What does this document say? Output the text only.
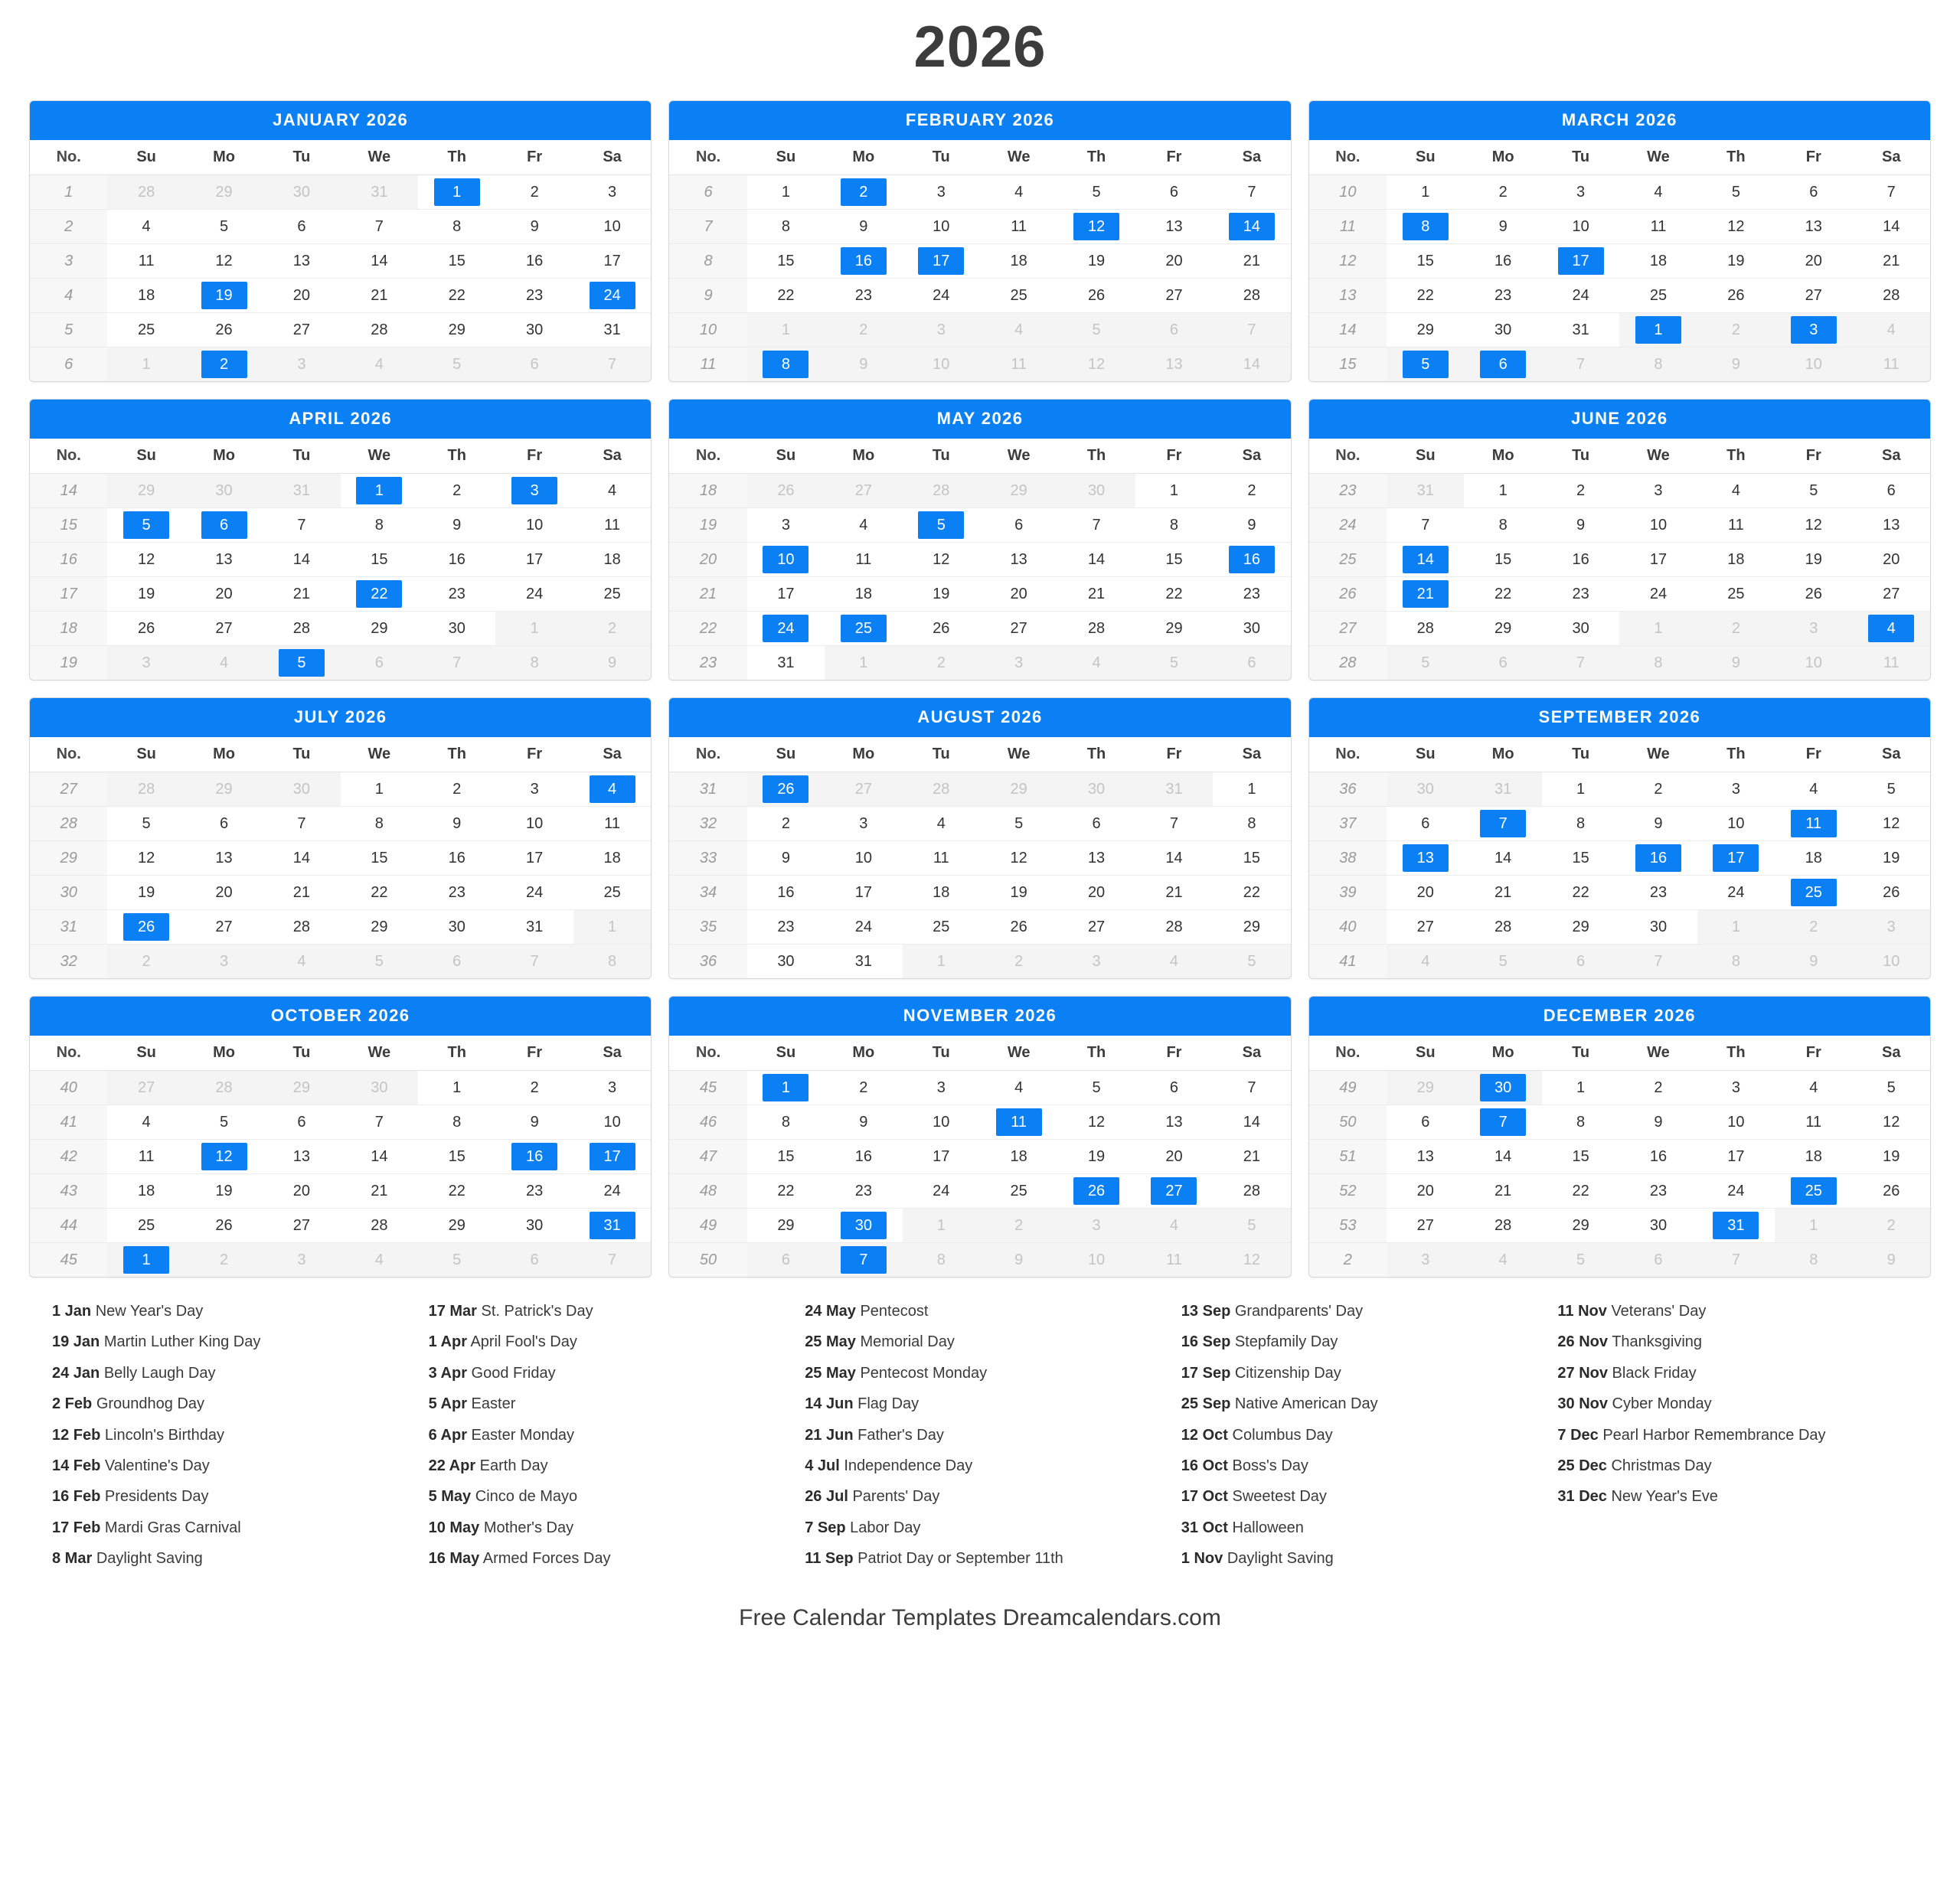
2026
JANUARY 2026
No.	Su	Mo	Tu	We	Th	Fr	Sa
1	28	29	30	31	1	2	3

2	4	5	6	7	8	9	10

3	11	12	13	14	15	16	17

4	18	19	20	21	22	23	24

5	25	26	27	28	29	30	31

6	1	2	3	4	5	6	7
FEBRUARY 2026
No.	Su	Mo	Tu	We	Th	Fr	Sa
6	1	2	3	4	5	6	7

7	8	9	10	11	12	13	14

8	15	16	17	18	19	20	21

9	22	23	24	25	26	27	28

10	1	2	3	4	5	6	7

11	8	9	10	11	12	13	14
MARCH 2026
No.	Su	Mo	Tu	We	Th	Fr	Sa
10	1	2	3	4	5	6	7

11	8	9	10	11	12	13	14

12	15	16	17	18	19	20	21

13	22	23	24	25	26	27	28

14	29	30	31	1	2	3	4

15	5	6	7	8	9	10	11
APRIL 2026
No.	Su	Mo	Tu	We	Th	Fr	Sa
14	29	30	31	1	2	3	4

15	5	6	7	8	9	10	11

16	12	13	14	15	16	17	18

17	19	20	21	22	23	24	25

18	26	27	28	29	30	1	2

19	3	4	5	6	7	8	9
MAY 2026
No.	Su	Mo	Tu	We	Th	Fr	Sa
18	26	27	28	29	30	1	2

19	3	4	5	6	7	8	9

20	10	11	12	13	14	15	16

21	17	18	19	20	21	22	23

22	24	25	26	27	28	29	30

23	31	1	2	3	4	5	6
JUNE 2026
No.	Su	Mo	Tu	We	Th	Fr	Sa
23	31	1	2	3	4	5	6

24	7	8	9	10	11	12	13

25	14	15	16	17	18	19	20

26	21	22	23	24	25	26	27

27	28	29	30	1	2	3	4

28	5	6	7	8	9	10	11
JULY 2026
No.	Su	Mo	Tu	We	Th	Fr	Sa
27	28	29	30	1	2	3	4

28	5	6	7	8	9	10	11

29	12	13	14	15	16	17	18

30	19	20	21	22	23	24	25

31	26	27	28	29	30	31	1

32	2	3	4	5	6	7	8
AUGUST 2026
No.	Su	Mo	Tu	We	Th	Fr	Sa
31	26	27	28	29	30	31	1

32	2	3	4	5	6	7	8

33	9	10	11	12	13	14	15

34	16	17	18	19	20	21	22

35	23	24	25	26	27	28	29

36	30	31	1	2	3	4	5
SEPTEMBER 2026
No.	Su	Mo	Tu	We	Th	Fr	Sa
36	30	31	1	2	3	4	5

37	6	7	8	9	10	11	12

38	13	14	15	16	17	18	19

39	20	21	22	23	24	25	26

40	27	28	29	30	1	2	3

41	4	5	6	7	8	9	10
OCTOBER 2026
No.	Su	Mo	Tu	We	Th	Fr	Sa
40	27	28	29	30	1	2	3

41	4	5	6	7	8	9	10

42	11	12	13	14	15	16	17

43	18	19	20	21	22	23	24

44	25	26	27	28	29	30	31

45	1	2	3	4	5	6	7
NOVEMBER 2026
No.	Su	Mo	Tu	We	Th	Fr	Sa
45	1	2	3	4	5	6	7

46	8	9	10	11	12	13	14

47	15	16	17	18	19	20	21

48	22	23	24	25	26	27	28

49	29	30	1	2	3	4	5

50	6	7	8	9	10	11	12
DECEMBER 2026
No.	Su	Mo	Tu	We	Th	Fr	Sa
49	29	30	1	2	3	4	5

50	6	7	8	9	10	11	12

51	13	14	15	16	17	18	19

52	20	21	22	23	24	25	26

53	27	28	29	30	31	1	2

2	3	4	5	6	7	8	9
1 Jan New Year's Day
19 Jan Martin Luther King Day
24 Jan Belly Laugh Day
2 Feb Groundhog Day
12 Feb Lincoln's Birthday
14 Feb Valentine's Day
16 Feb Presidents Day
17 Feb Mardi Gras Carnival
8 Mar Daylight Saving
17 Mar St. Patrick's Day
1 Apr April Fool's Day
3 Apr Good Friday
5 Apr Easter
6 Apr Easter Monday
22 Apr Earth Day
5 May Cinco de Mayo
10 May Mother's Day
16 May Armed Forces Day
24 May Pentecost
25 May Memorial Day
25 May Pentecost Monday
14 Jun Flag Day
21 Jun Father's Day
4 Jul Independence Day
26 Jul Parents' Day
7 Sep Labor Day
11 Sep Patriot Day or September 11th
13 Sep Grandparents' Day
16 Sep Stepfamily Day
17 Sep Citizenship Day
25 Sep Native American Day
12 Oct Columbus Day
16 Oct Boss's Day
17 Oct Sweetest Day
31 Oct Halloween
1 Nov Daylight Saving
11 Nov Veterans' Day
26 Nov Thanksgiving
27 Nov Black Friday
30 Nov Cyber Monday
7 Dec Pearl Harbor Remembrance Day
25 Dec Christmas Day
31 Dec New Year's Eve
Free Calendar Templates Dreamcalendars.com
